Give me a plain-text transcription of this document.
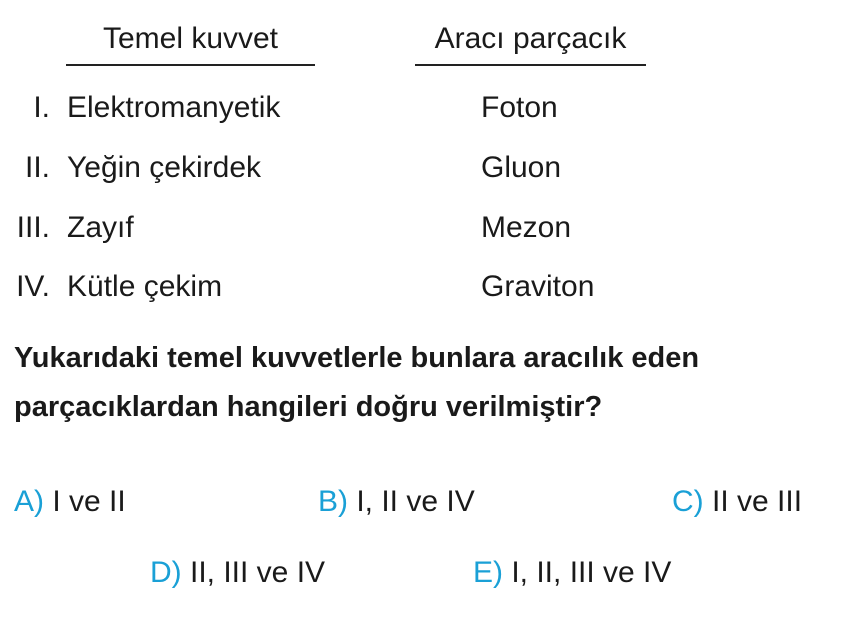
Temel kuvvet	Aracı parçacık
I. Elektromanyetik	Foton
II. Yeğin çekirdek	Gluon
III. Zayıf	Mezon
IV. Kütle çekim	Graviton
Yukarıdaki temel kuvvetlerle bunlara aracılık eden
parçacıklardan hangileri doğru verilmiştir?
A) I ve II	B) I, II ve IV	C) II ve III
D) II, III ve IV	E) I, II, III ve IV
